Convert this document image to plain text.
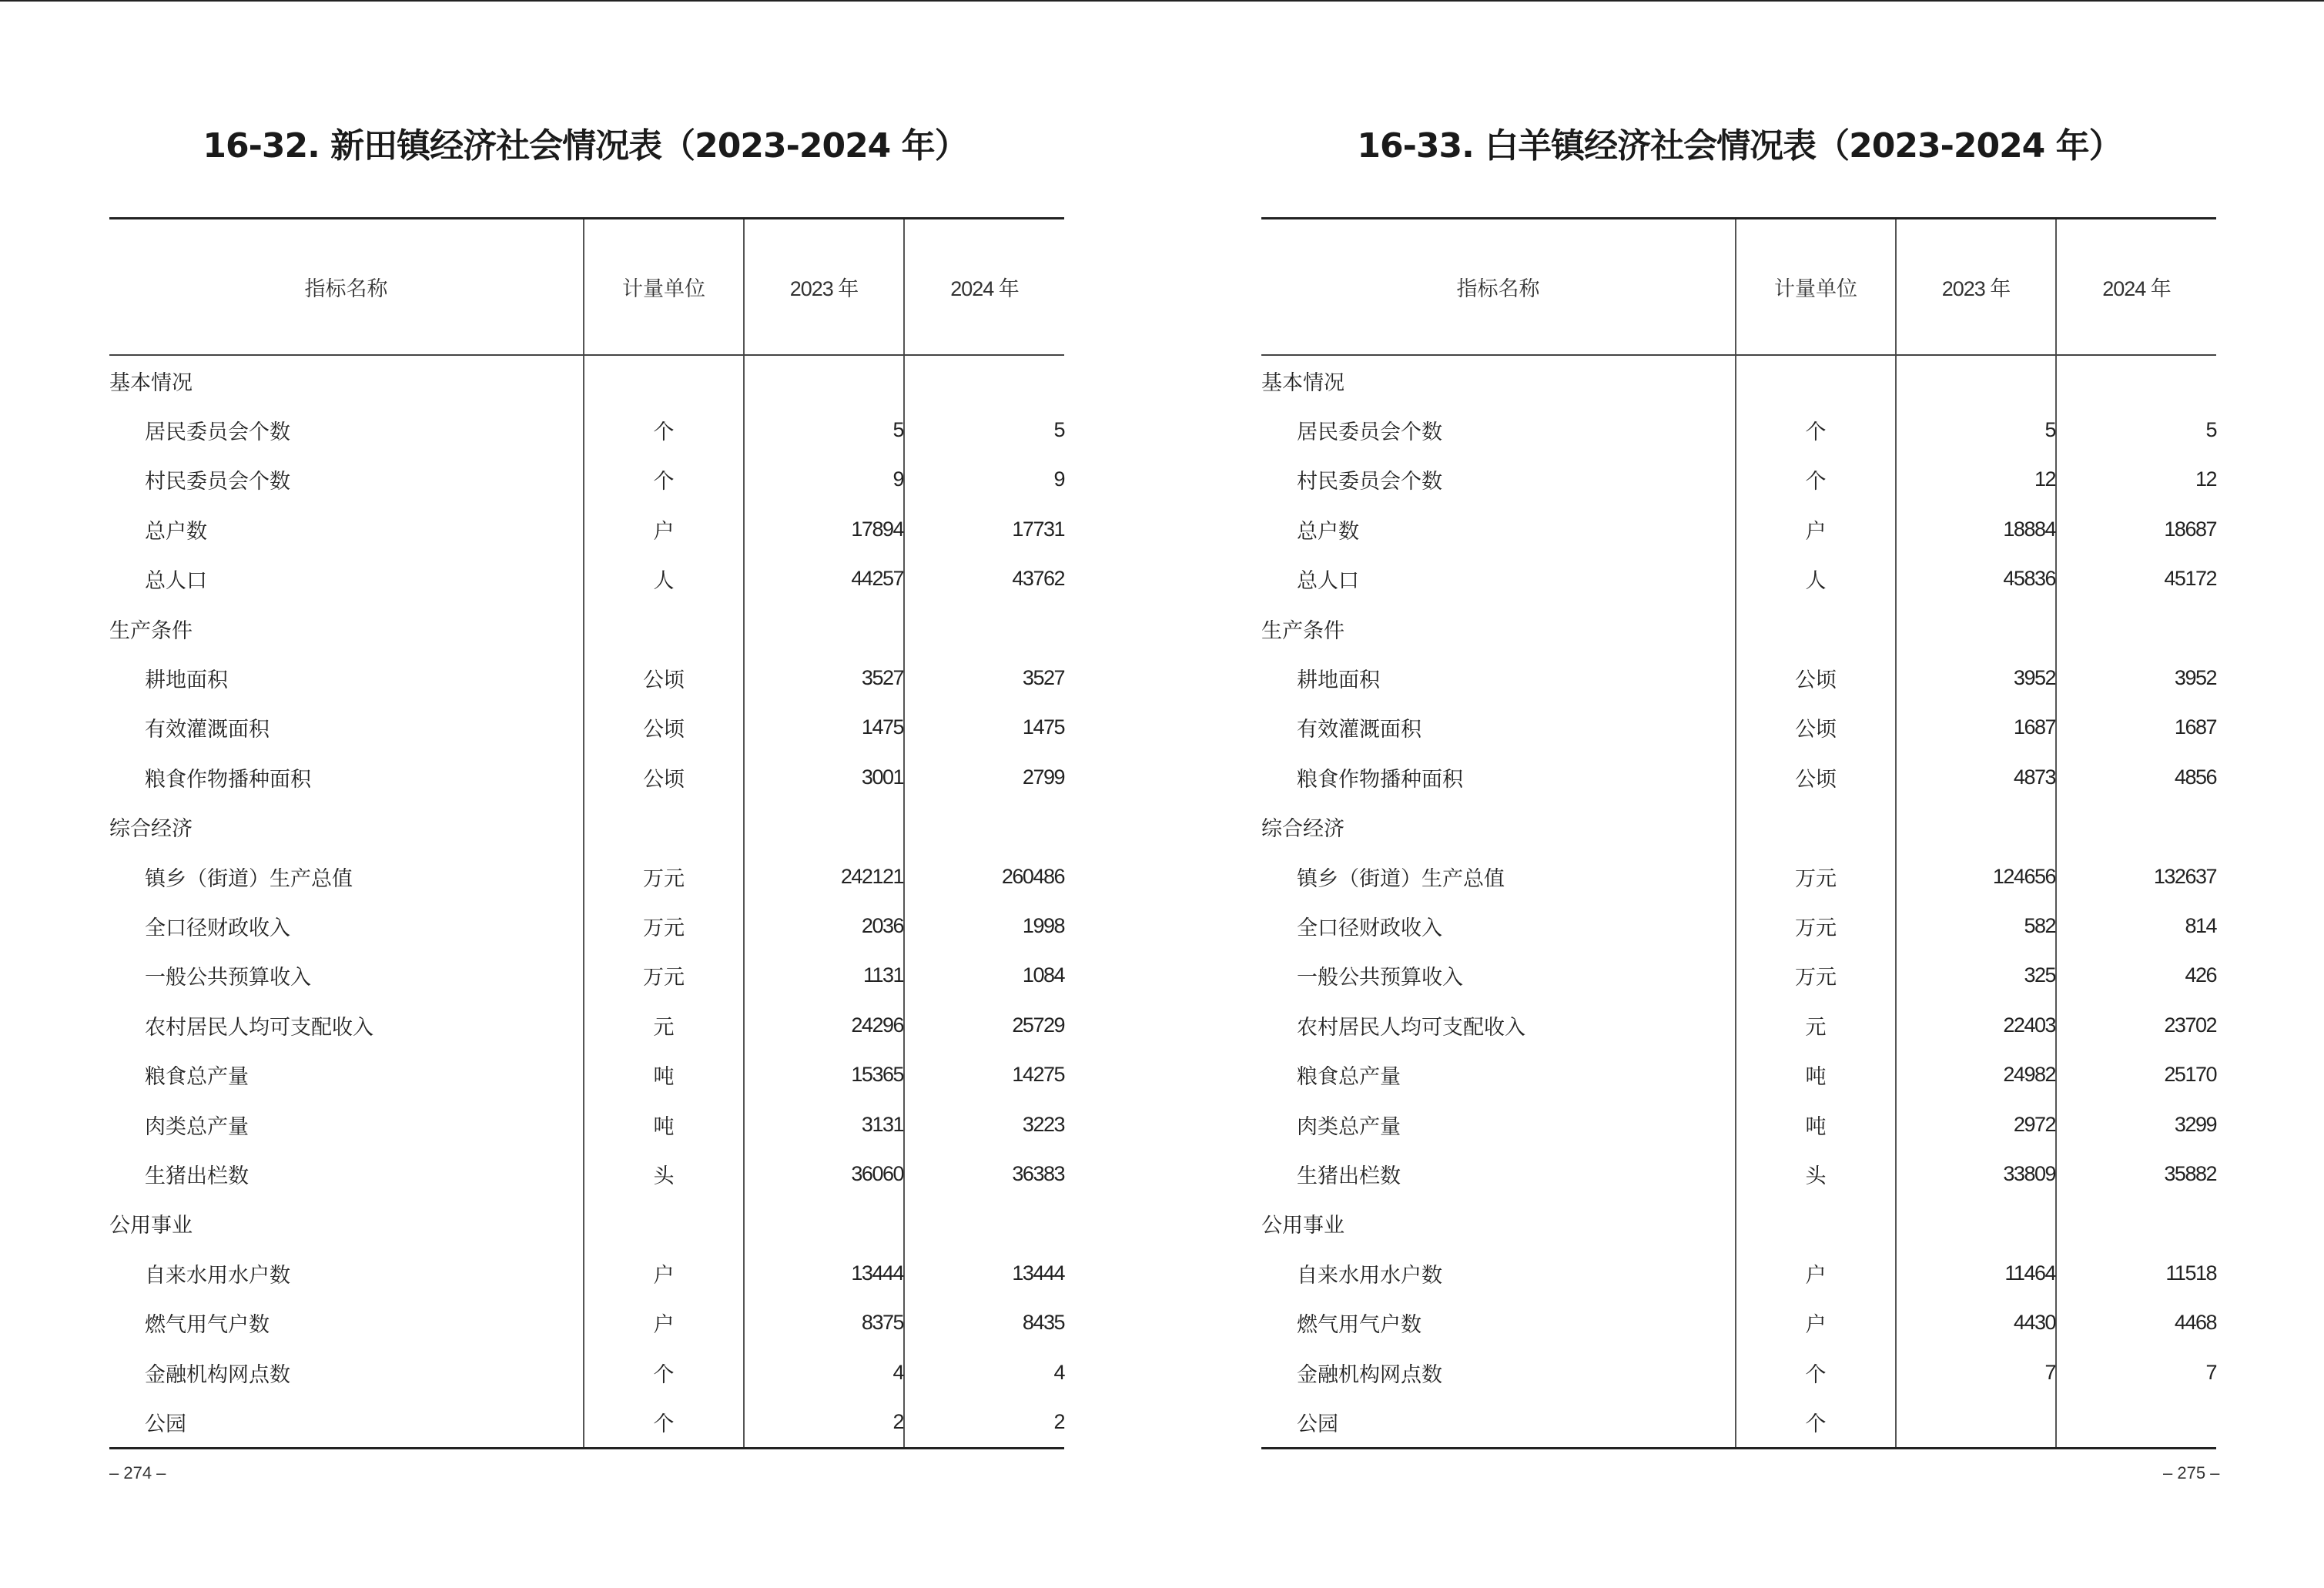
16-32. 新田镇经济社会情况表（2023-2024 年）
指标名称	计量单位	2023 年	2024 年
基本情况			
居民委员会个数	个	5	5
村民委员会个数	个	9	9
总户数	户	17894	17731
总人口	人	44257	43762
生产条件			
耕地面积	公顷	3527	3527
有效灌溉面积	公顷	1475	1475
粮食作物播种面积	公顷	3001	2799
综合经济			
镇乡（街道）生产总值	万元	242121	260486
全口径财政收入	万元	2036	1998
一般公共预算收入	万元	1131	1084
农村居民人均可支配收入	元	24296	25729
粮食总产量	吨	15365	14275
肉类总产量	吨	3131	3223
生猪出栏数	头	36060	36383
公用事业			
自来水用水户数	户	13444	13444
燃气用气户数	户	8375	8435
金融机构网点数	个	4	4
公园	个	2	2
– 274 –
16-33. 白羊镇经济社会情况表（2023-2024 年）
指标名称	计量单位	2023 年	2024 年
基本情况			
居民委员会个数	个	5	5
村民委员会个数	个	12	12
总户数	户	18884	18687
总人口	人	45836	45172
生产条件			
耕地面积	公顷	3952	3952
有效灌溉面积	公顷	1687	1687
粮食作物播种面积	公顷	4873	4856
综合经济			
镇乡（街道）生产总值	万元	124656	132637
全口径财政收入	万元	582	814
一般公共预算收入	万元	325	426
农村居民人均可支配收入	元	22403	23702
粮食总产量	吨	24982	25170
肉类总产量	吨	2972	3299
生猪出栏数	头	33809	35882
公用事业			
自来水用水户数	户	11464	11518
燃气用气户数	户	4430	4468
金融机构网点数	个	7	7
公园	个		
– 275 –
